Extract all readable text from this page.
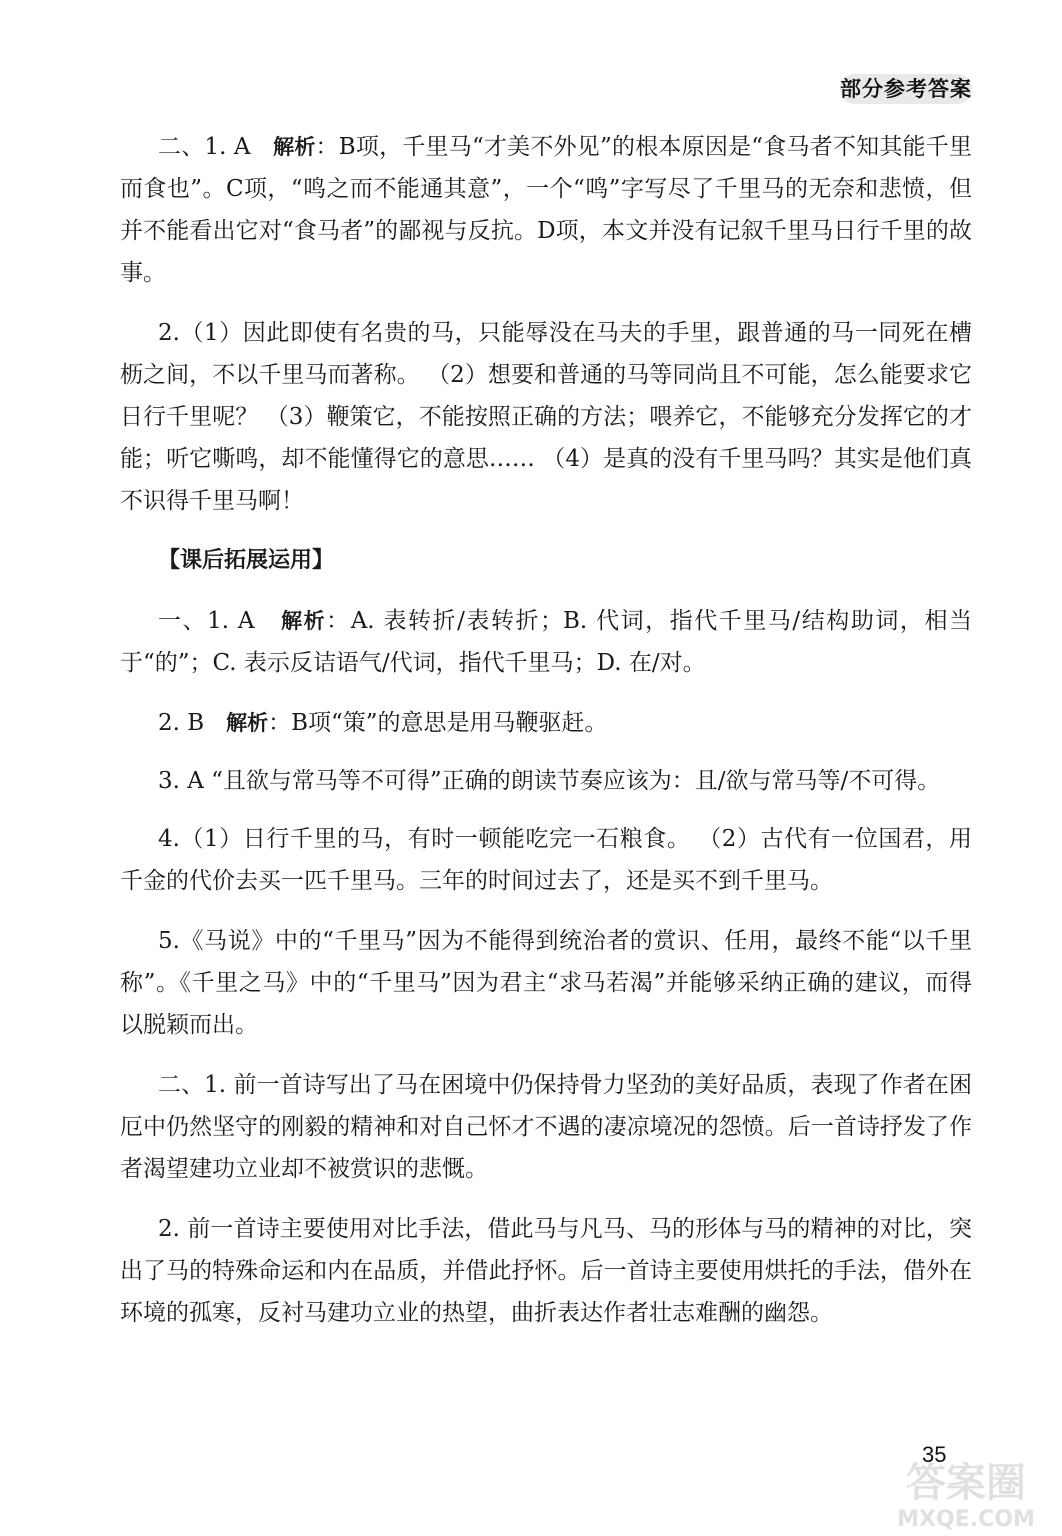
部分参考答案

二、1. A 解析：B项，千里马“才美不外见”的根本原因是“食马者不知其能千里而食也”。C项，“鸣之而不能通其意”，一个“鸣”字写尽了千里马的无奈和悲愤，但并不能看出它对“食马者”的鄙视与反抗。D项，本文并没有记叙千里马日行千里的故事。

2.（1）因此即使有名贵的马，只能辱没在马夫的手里，跟普通的马一同死在槽枥之间，不以千里马而著称。 （2）想要和普通的马等同尚且不可能，怎么能要求它日行千里呢？ （3）鞭策它，不能按照正确的方法；喂养它，不能够充分发挥它的才能；听它嘶鸣，却不能懂得它的意思…… （4）是真的没有千里马吗？其实是他们真不识得千里马啊！

【课后拓展运用】

一、1. A 解析：A. 表转折/表转折；B. 代词，指代千里马/结构助词，相当于“的”；C. 表示反诘语气/代词，指代千里马；D. 在/对。

2. B 解析：B项“策”的意思是用马鞭驱赶。

3. A “且欲与常马等不可得”正确的朗读节奏应该为：且/欲与常马等/不可得。

4.（1）日行千里的马，有时一顿能吃完一石粮食。 （2）古代有一位国君，用千金的代价去买一匹千里马。三年的时间过去了，还是买不到千里马。

5.《马说》中的“千里马”因为不能得到统治者的赏识、任用，最终不能“以千里称”。《千里之马》中的“千里马”因为君主“求马若渴”并能够采纳正确的建议，而得以脱颖而出。

二、1. 前一首诗写出了马在困境中仍保持骨力坚劲的美好品质，表现了作者在困厄中仍然坚守的刚毅的精神和对自己怀才不遇的凄凉境况的怨愤。后一首诗抒发了作者渴望建功立业却不被赏识的悲慨。

2. 前一首诗主要使用对比手法，借此马与凡马、马的形体与马的精神的对比，突出了马的特殊命运和内在品质，并借此抒怀。后一首诗主要使用烘托的手法，借外在环境的孤寒，反衬马建功立业的热望，曲折表达作者壮志难酬的幽怨。

答案圈
MXQE.COM
35
